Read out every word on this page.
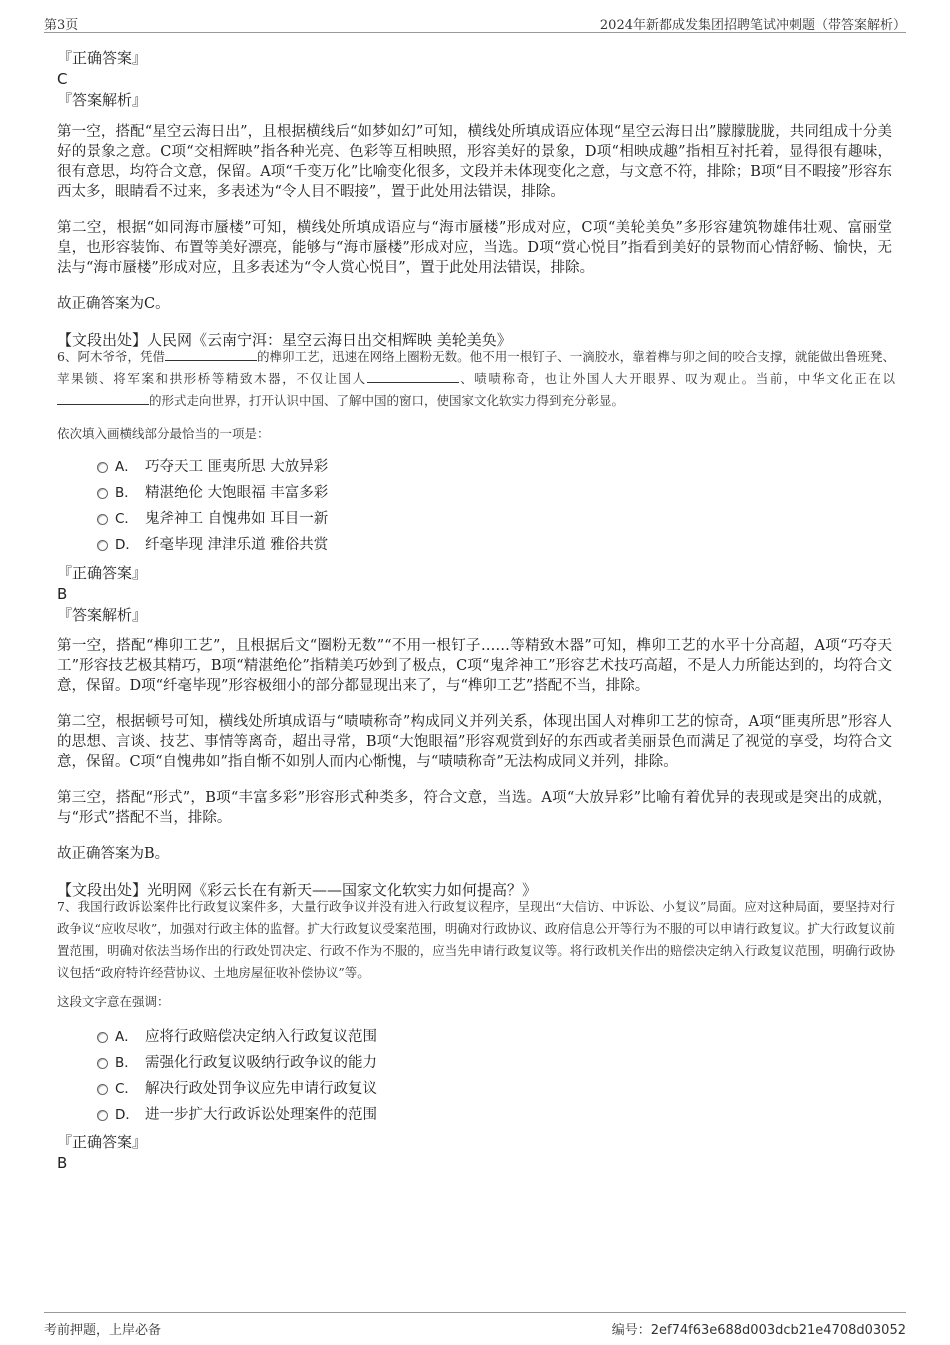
第3页	2024年新都成发集团招聘笔试冲刺题（带答案解析）
『正确答案』
C
『答案解析』

第一空，搭配“星空云海日出”，且根据横线后“如梦如幻”可知，横线处所填成语应体现“星空云海日出”朦朦胧胧，共同组成十分美好的景象之意。C项“交相辉映”指各种光亮、色彩等互相映照，形容美好的景象，D项“相映成趣”指相互衬托着，显得很有趣味，很有意思，均符合文意，保留。A项“千变万化”比喻变化很多，文段并未体现变化之意，与文意不符，排除；B项“目不暇接”形容东西太多，眼睛看不过来，多表述为“令人目不暇接”，置于此处用法错误，排除。

第二空，根据“如同海市蜃楼”可知，横线处所填成语应与“海市蜃楼”形成对应，C项“美轮美奂”多形容建筑物雄伟壮观、富丽堂皇，也形容装饰、布置等美好漂亮，能够与“海市蜃楼”形成对应，当选。D项“赏心悦目”指看到美好的景物而心情舒畅、愉快，无法与“海市蜃楼”形成对应，且多表述为“令人赏心悦目”，置于此处用法错误，排除。

故正确答案为C。

【文段出处】人民网《云南宁洱：星空云海日出交相辉映 美轮美奂》
6、阿木爷爷，凭借	的榫卯工艺，迅速在网络上圈粉无数。他不用一根钉子、一滴胶水，靠着榫与卯之间的咬合支撑，就能做出鲁班凳、苹果锁、将军案和拱形桥等精致木器，不仅让国人	、啧啧称奇，也让外国人大开眼界、叹为观止。当前，中华文化正在以的形式走向世界，打开认识中国、了解中国的窗口，使国家文化软实力得到充分彰显。
依次填入画横线部分最恰当的一项是：
A． 巧夺天工 匪夷所思 大放异彩
B． 精湛绝伦 大饱眼福 丰富多彩
C． 鬼斧神工 自愧弗如 耳目一新
D． 纤毫毕现 津津乐道 雅俗共赏
『正确答案』
B
『答案解析』

第一空，搭配“榫卯工艺”，且根据后文“圈粉无数”“不用一根钉子……等精致木器”可知，榫卯工艺的水平十分高超，A项“巧夺天工”形容技艺极其精巧，B项“精湛绝伦”指精美巧妙到了极点，C项“鬼斧神工”形容艺术技巧高超，不是人力所能达到的，均符合文意，保留。D项“纤毫毕现”形容极细小的部分都显现出来了，与“榫卯工艺”搭配不当，排除。

第二空，根据顿号可知，横线处所填成语与“啧啧称奇”构成同义并列关系，体现出国人对榫卯工艺的惊奇，A项“匪夷所思”形容人的思想、言谈、技艺、事情等离奇，超出寻常，B项“大饱眼福”形容观赏到好的东西或者美丽景色而满足了视觉的享受，均符合文意，保留。C项“自愧弗如”指自惭不如别人而内心惭愧，与“啧啧称奇”无法构成同义并列，排除。

第三空，搭配“形式”，B项“丰富多彩”形容形式种类多，符合文意，当选。A项“大放异彩”比喻有着优异的表现或是突出的成就，与“形式”搭配不当，排除。

故正确答案为B。

【文段出处】光明网《彩云长在有新天——国家文化软实力如何提高？》
7、我国行政诉讼案件比行政复议案件多，大量行政争议并没有进入行政复议程序，呈现出“大信访、中诉讼、小复议”局面。应对这种局面，要坚持对行政争议“应收尽收”，加强对行政主体的监督。扩大行政复议受案范围，明确对行政协议、政府信息公开等行为不服的可以申请行政复议。扩大行政复议前置范围，明确对依法当场作出的行政处罚决定、行政不作为不服的，应当先申请行政复议等。将行政机关作出的赔偿决定纳入行政复议范围，明确行政协议包括“政府特许经营协议、土地房屋征收补偿协议”等。
这段文字意在强调：
A． 应将行政赔偿决定纳入行政复议范围
B． 需强化行政复议吸纳行政争议的能力
C． 解决行政处罚争议应先申请行政复议
D． 进一步扩大行政诉讼处理案件的范围
『正确答案』
B
考前押题，上岸必备	编号：2ef74f63e688d003dcb21e4708d03052
